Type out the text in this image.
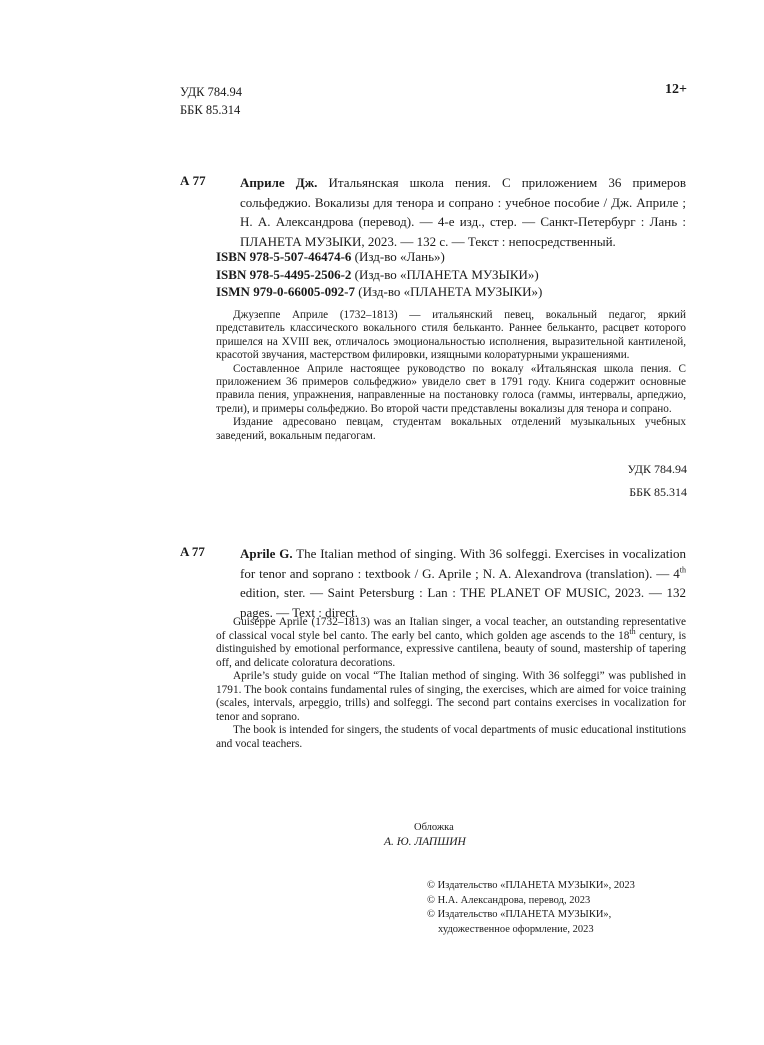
УДК 784.94
ББК 85.314
12+
А 77	Априле Дж. Итальянская школа пения. С приложением 36 примеров сольфеджио. Вокализы для тенора и сопрано : учебное пособие / Дж. Априле ; Н. А. Александрова (перевод). — 4-е изд., стер. — Санкт-Петербург : Лань : ПЛАНЕТА МУЗЫКИ, 2023. — 132 с. — Текст : непосредственный.
ISBN 978-5-507-46474-6 (Изд-во «Лань»)
ISBN 978-5-4495-2506-2 (Изд-во «ПЛАНЕТА МУЗЫКИ»)
ISMN 979-0-66005-092-7 (Изд-во «ПЛАНЕТА МУЗЫКИ»)

Джузеппе Априле (1732–1813) — итальянский певец, вокальный педагог, яркий представитель классического вокального стиля бельканто. Раннее бельканто, расцвет которого пришелся на XVIII век, отличалось эмоциональностью исполнения, выразительной кантиленой, красотой звучания, мастерством филировки, изящными колоратурными украшениями.

Составленное Априле настоящее руководство по вокалу «Итальянская школа пения. С приложением 36 примеров сольфеджио» увидело свет в 1791 году. Книга содержит основные правила пения, упражнения, направленные на постановку голоса (гаммы, интервалы, арпеджио, трели), и примеры сольфеджио. Во второй части представлены вокализы для тенора и сопрано.

Издание адресовано певцам, студентам вокальных отделений музыкальных учебных заведений, вокальным педагогам.

УДК 784.94
ББК 85.314
A 77	Aprile G. The Italian method of singing. With 36 solfeggi. Exercises in vocalization for tenor and soprano : textbook / G. Aprile ; N. A. Alexandrova (translation). — 4th edition, ster. — Saint Petersburg : Lan : THE PLANET OF MUSIC, 2023. — 132 pages. — Text : direct.

Guiseppe Aprile (1732–1813) was an Italian singer, a vocal teacher, an outstanding representative of classical vocal style bel canto. The early bel canto, which golden age ascends to the 18th century, is distinguished by emotional performance, expressive cantilena, beauty of sound, mastership of tapering off, and delicate coloratura decorations.

Aprile’s study guide on vocal “The Italian method of singing. With 36 solfeggi” was published in 1791. The book contains fundamental rules of singing, the exercises, which are aimed for voice training (scales, intervals, arpeggio, trills) and solfeggi. The second part contains exercises in vocalization for tenor and soprano.

The book is intended for singers, the students of vocal departments of music educational institutions and vocal teachers.

Обложка
А. Ю. ЛАПШИН
© Издательство «ПЛАНЕТА МУЗЫКИ», 2023
© Н.А. Александрова, перевод, 2023
© Издательство «ПЛАНЕТА МУЗЫКИ»,
художественное оформление, 2023
